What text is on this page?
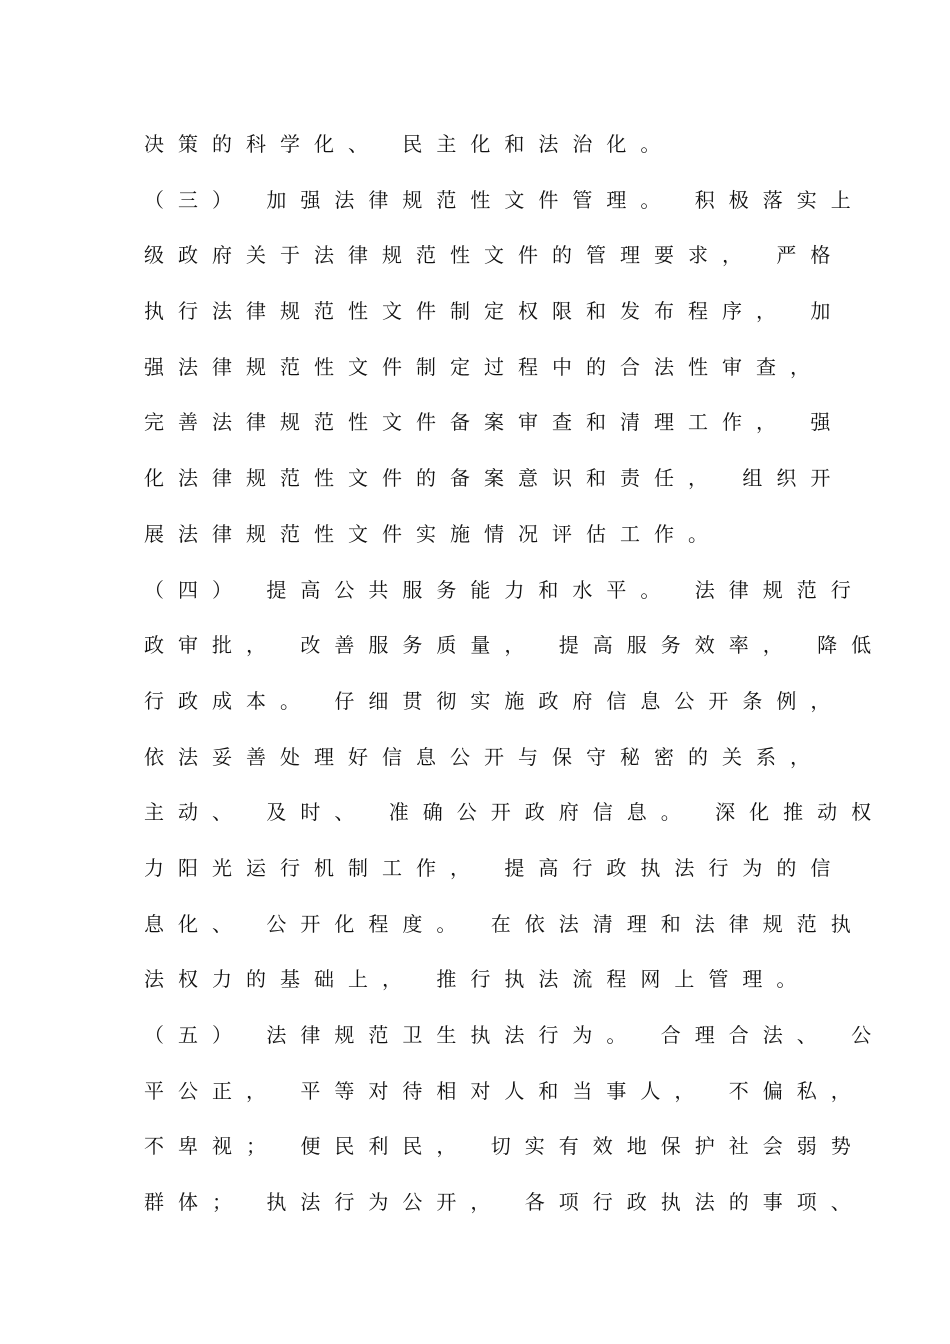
决策的科学化、 民主化和法治化。
（三） 加强法律规范性文件管理。 积极落实上
级政府关于法律规范性文件的管理要求， 严格
执行法律规范性文件制定权限和发布程序， 加
强法律规范性文件制定过程中的合法性审查，
完善法律规范性文件备案审查和清理工作， 强
化法律规范性文件的备案意识和责任， 组织开
展法律规范性文件实施情况评估工作。
（四） 提高公共服务能力和水平。 法律规范行
政审批， 改善服务质量， 提高服务效率， 降低
行政成本。 仔细贯彻实施政府信息公开条例，
依法妥善处理好信息公开与保守秘密的关系，
主动、 及时、 准确公开政府信息。 深化推动权
力阳光运行机制工作， 提高行政执法行为的信
息化、 公开化程度。 在依法清理和法律规范执
法权力的基础上， 推行执法流程网上管理。
（五） 法律规范卫生执法行为。 合理合法、 公
平公正， 平等对待相对人和当事人， 不偏私，
不卑视； 便民利民， 切实有效地保护社会弱势
群体； 执法行为公开， 各项行政执法的事项、
